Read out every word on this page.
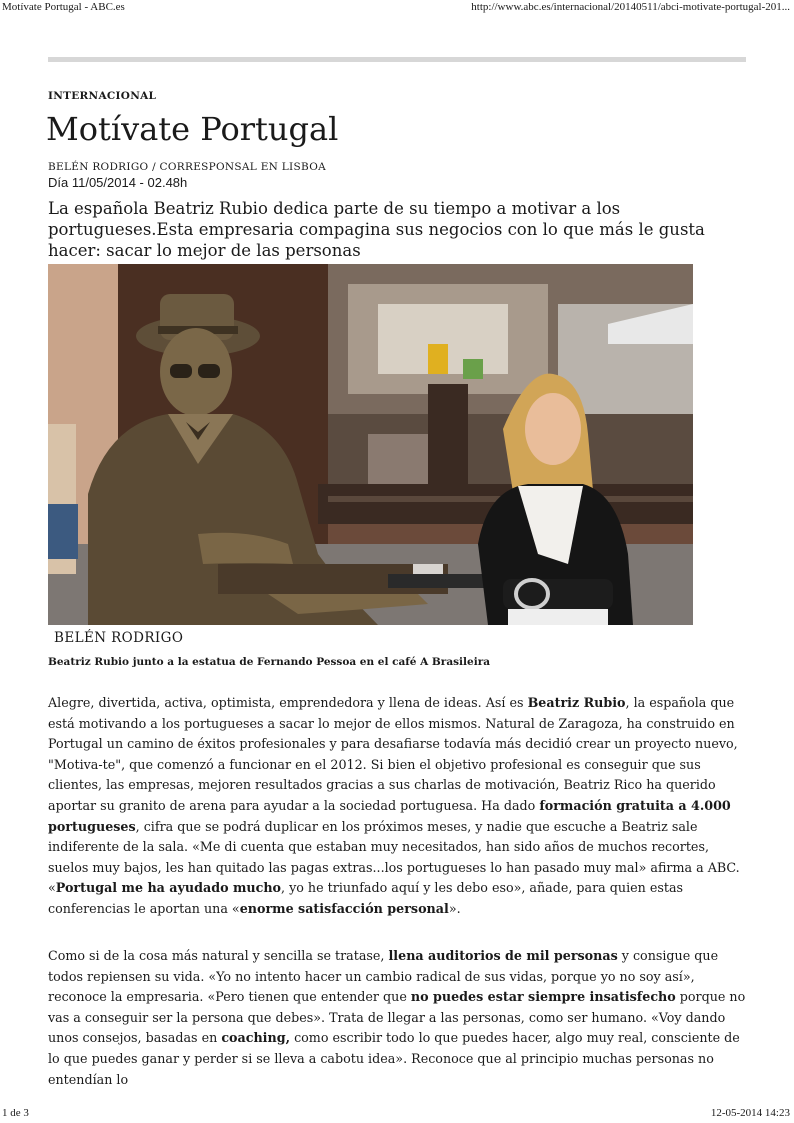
Motívate Portugal - ABC.es	http://www.abc.es/internacional/20140511/abci-motivate-portugal-201...
INTERNACIONAL
Motívate Portugal
BELÉN RODRIGO / CORRESPONSAL EN LISBOA
Día 11/05/2014 - 02.48h
La española Beatriz Rubio dedica parte de su tiempo a motivar a los portugueses.Esta empresaria compagina sus negocios con lo que más le gusta hacer: sacar lo mejor de las personas
BELÉN RODRIGO
Beatriz Rubio junto a la estatua de Fernando Pessoa en el café A Brasileira

Alegre, divertida, activa, optimista, emprendedora y llena de ideas. Así es Beatriz Rubio, la española que está motivando a los portugueses a sacar lo mejor de ellos mismos. Natural de Zaragoza, ha construido en Portugal un camino de éxitos profesionales y para desafiarse todavía más decidió crear un proyecto nuevo, "Motiva-te", que comenzó a funcionar en el 2012. Si bien el objetivo profesional es conseguir que sus clientes, las empresas, mejoren resultados gracias a sus charlas de motivación, Beatriz Rico ha querido aportar su granito de arena para ayudar a la sociedad portuguesa. Ha dado formación gratuita a 4.000 portugueses, cifra que se podrá duplicar en los próximos meses, y nadie que escuche a Beatriz sale indiferente de la sala. «Me di cuenta que estaban muy necesitados, han sido años de muchos recortes, suelos muy bajos, les han quitado las pagas extras...los portugueses lo han pasado muy mal» afirma a ABC. «Portugal me ha ayudado mucho, yo he triunfado aquí y les debo eso», añade, para quien estas conferencias le aportan una «enorme satisfacción personal».

Como si de la cosa más natural y sencilla se tratase, llena auditorios de mil personas y consigue que todos repiensen su vida. «Yo no intento hacer un cambio radical de sus vidas, porque yo no soy así», reconoce la empresaria. «Pero tienen que entender que no puedes estar siempre insatisfecho porque no vas a conseguir ser la persona que debes». Trata de llegar a las personas, como ser humano. «Voy dando unos consejos, basadas en coaching, como escribir todo lo que puedes hacer, algo muy real, consciente de lo que puedes ganar y perder si se lleva a cabotu idea». Reconoce que al principio muchas personas no entendían lo

1 de 3	12-05-2014 14:23
